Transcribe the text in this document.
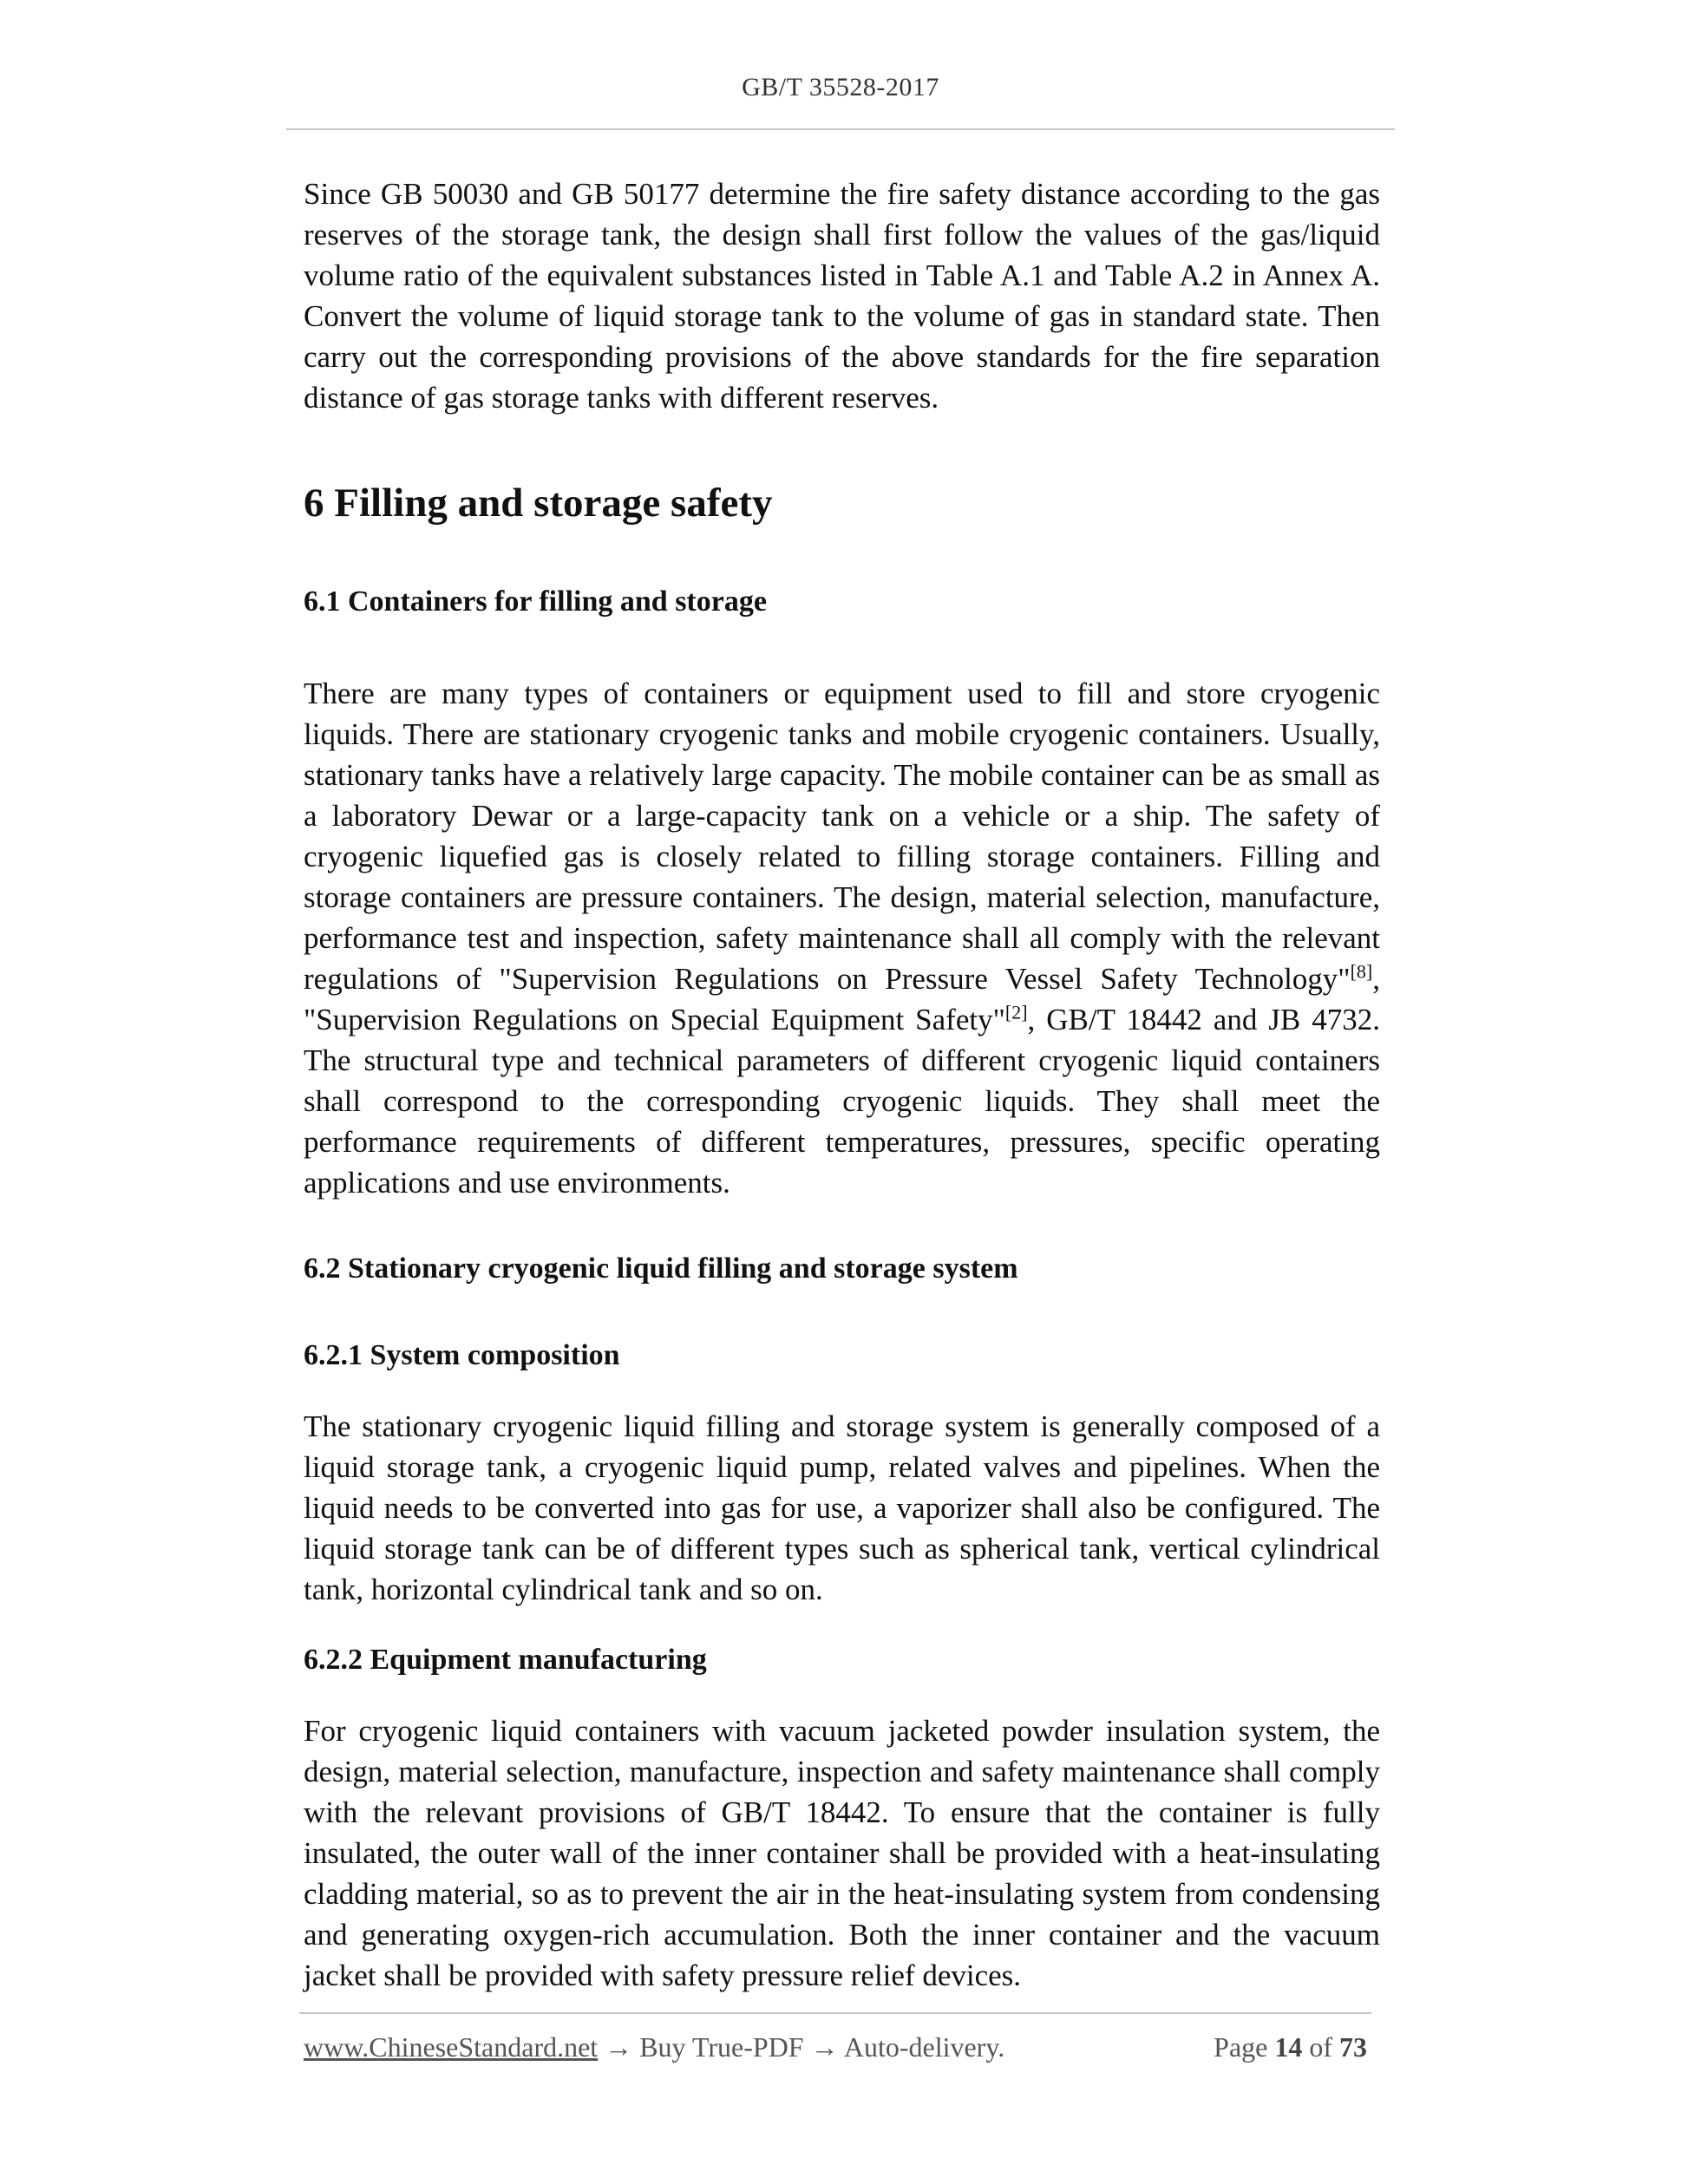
GB/T 35528-2017

Since GB 50030 and GB 50177 determine the fire safety distance according to the gas reserves of the storage tank, the design shall first follow the values of the gas/liquid volume ratio of the equivalent substances listed in Table A.1 and Table A.2 in Annex A. Convert the volume of liquid storage tank to the volume of gas in standard state. Then carry out the corresponding provisions of the above standards for the fire separation distance of gas storage tanks with different reserves.

6 Filling and storage safety
6.1 Containers for filling and storage

There are many types of containers or equipment used to fill and store cryogenic liquids. There are stationary cryogenic tanks and mobile cryogenic containers. Usually, stationary tanks have a relatively large capacity. The mobile container can be as small as a laboratory Dewar or a large-capacity tank on a vehicle or a ship. The safety of cryogenic liquefied gas is closely related to filling storage containers. Filling and storage containers are pressure containers. The design, material selection, manufacture, performance test and inspection, safety maintenance shall all comply with the relevant regulations of "Supervision Regulations on Pressure Vessel Safety Technology"[8], "Supervision Regulations on Special Equipment Safety"[2], GB/T 18442 and JB 4732. The structural type and technical parameters of different cryogenic liquid containers shall correspond to the corresponding cryogenic liquids. They shall meet the performance requirements of different temperatures, pressures, specific operating applications and use environments.

6.2 Stationary cryogenic liquid filling and storage system
6.2.1 System composition

The stationary cryogenic liquid filling and storage system is generally composed of a liquid storage tank, a cryogenic liquid pump, related valves and pipelines. When the liquid needs to be converted into gas for use, a vaporizer shall also be configured. The liquid storage tank can be of different types such as spherical tank, vertical cylindrical tank, horizontal cylindrical tank and so on.

6.2.2 Equipment manufacturing

For cryogenic liquid containers with vacuum jacketed powder insulation system, the design, material selection, manufacture, inspection and safety maintenance shall comply with the relevant provisions of GB/T 18442. To ensure that the container is fully insulated, the outer wall of the inner container shall be provided with a heat-insulating cladding material, so as to prevent the air in the heat-insulating system from condensing and generating oxygen-rich accumulation. Both the inner container and the vacuum jacket shall be provided with safety pressure relief devices.

www.ChineseStandard.net → Buy True-PDF → Auto-delivery.	Page 14 of 73
